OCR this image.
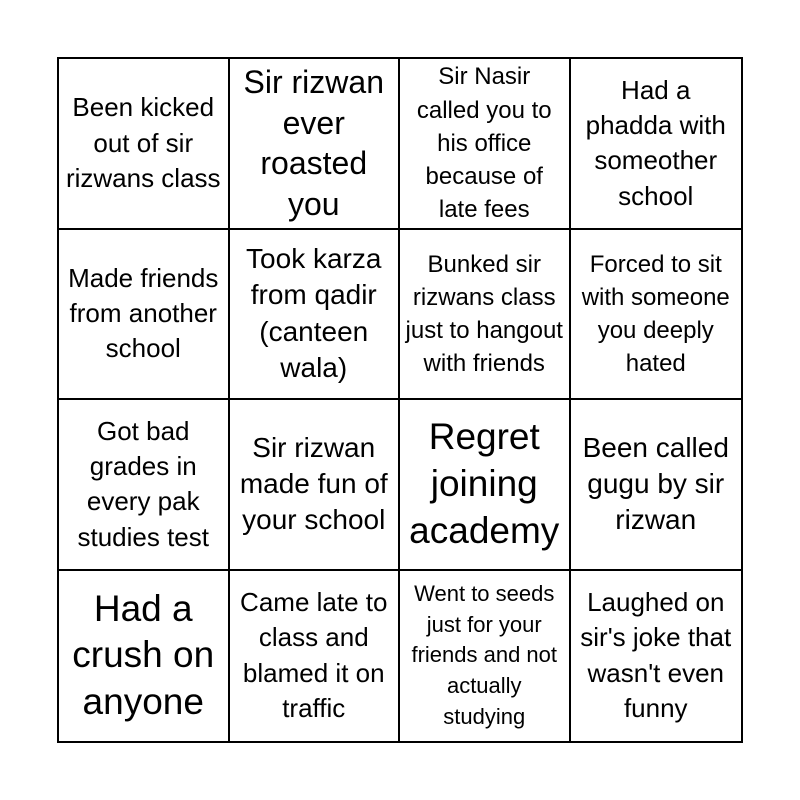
Been kicked out of sir rizwans class
Sir rizwan ever roasted you
Sir Nasir called you to his office because of late fees
Had a phadda with someother school
Made friends from another school
Took karza from qadir (canteen wala)
Bunked sir rizwans class just to hangout with friends
Forced to sit with someone you deeply hated
Got bad grades in every pak studies test
Sir rizwan made fun of your school
Regret joining academy
Been called gugu by sir rizwan
Had a crush on anyone
Came late to class and blamed it on traffic
Went to seeds just for your friends and not actually studying
Laughed on sir's joke that wasn't even funny
